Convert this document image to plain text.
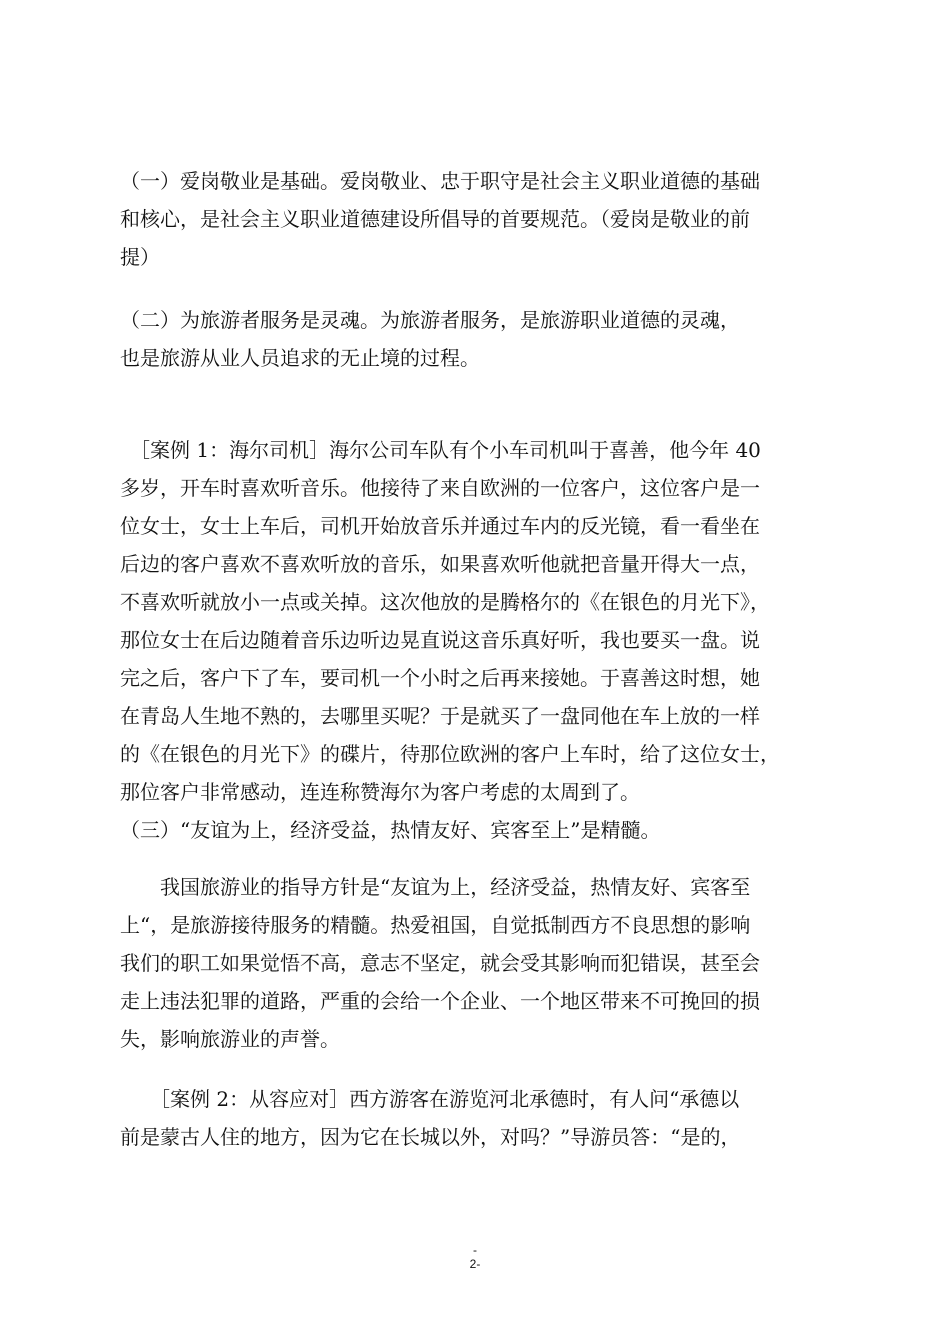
（一）爱岗敬业是基础。爱岗敬业、忠于职守是社会主义职业道德的基础
和核心，是社会主义职业道德建设所倡导的首要规范。（爱岗是敬业的前
提）
（二）为旅游者服务是灵魂。为旅游者服务，是旅游职业道德的灵魂，
也是旅游从业人员追求的无止境的过程。
　［案例 1：海尔司机］海尔公司车队有个小车司机叫于喜善，他今年 40
多岁，开车时喜欢听音乐。他接待了来自欧洲的一位客户，这位客户是一
位女士，女士上车后，司机开始放音乐并通过车内的反光镜，看一看坐在
后边的客户喜欢不喜欢听放的音乐，如果喜欢听他就把音量开得大一点，
不喜欢听就放小一点或关掉。这次他放的是腾格尔的《在银色的月光下》，
那位女士在后边随着音乐边听边晃直说这音乐真好听，我也要买一盘。说
完之后，客户下了车，要司机一个小时之后再来接她。于喜善这时想，她
在青岛人生地不熟的，去哪里买呢？于是就买了一盘同他在车上放的一样
的《在银色的月光下》的碟片，待那位欧洲的客户上车时，给了这位女士，
那位客户非常感动，连连称赞海尔为客户考虑的太周到了。
（三）“友谊为上，经济受益，热情友好、宾客至上”是精髓。
　　我国旅游业的指导方针是“友谊为上，经济受益，热情友好、宾客至
上“，是旅游接待服务的精髓。热爱祖国，自觉抵制西方不良思想的影响
我们的职工如果觉悟不高，意志不坚定，就会受其影响而犯错误，甚至会
走上违法犯罪的道路，严重的会给一个企业、一个地区带来不可挽回的损
失，影响旅游业的声誉。
　　［案例 2：从容应对］西方游客在游览河北承德时，有人问“承德以
前是蒙古人住的地方，因为它在长城以外，对吗？”导游员答：“是的，
-
2-
